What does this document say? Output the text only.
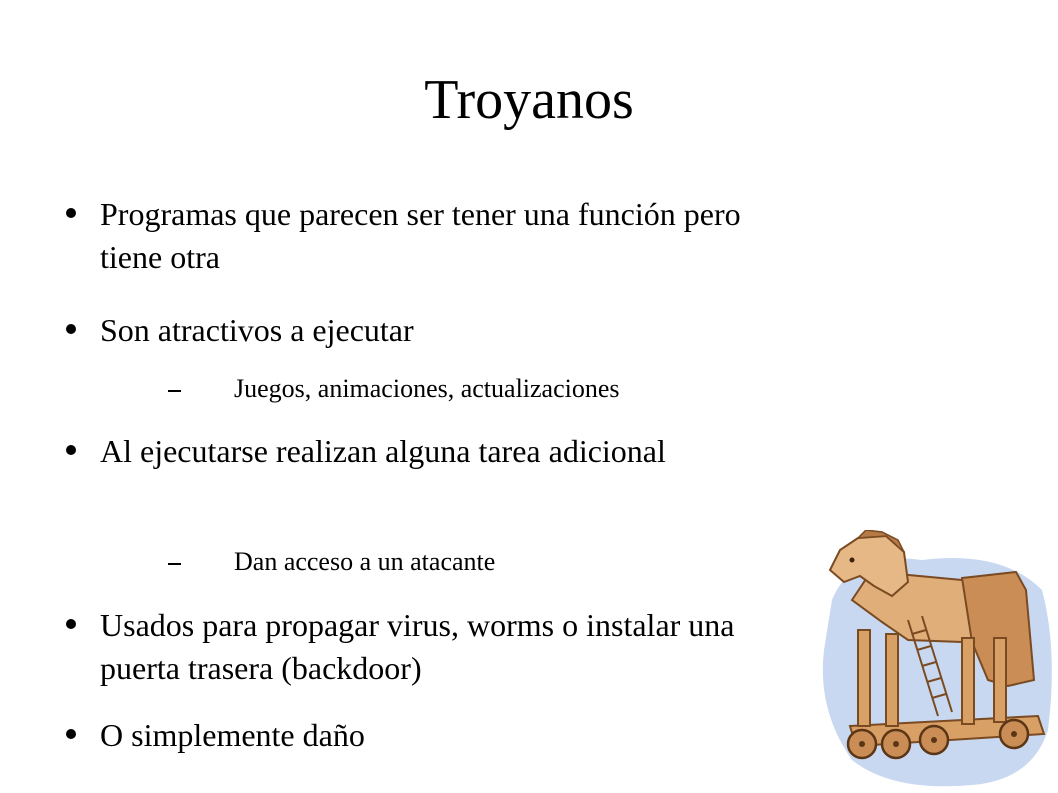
Troyanos
Programas que parecen ser tener una función pero tiene otra
Son atractivos a ejecutar
Juegos, animaciones, actualizaciones
Al ejecutarse realizan alguna tarea adicional
Dan acceso a un atacante
Usados para propagar virus, worms o instalar una puerta trasera (backdoor)
O simplemente daño
